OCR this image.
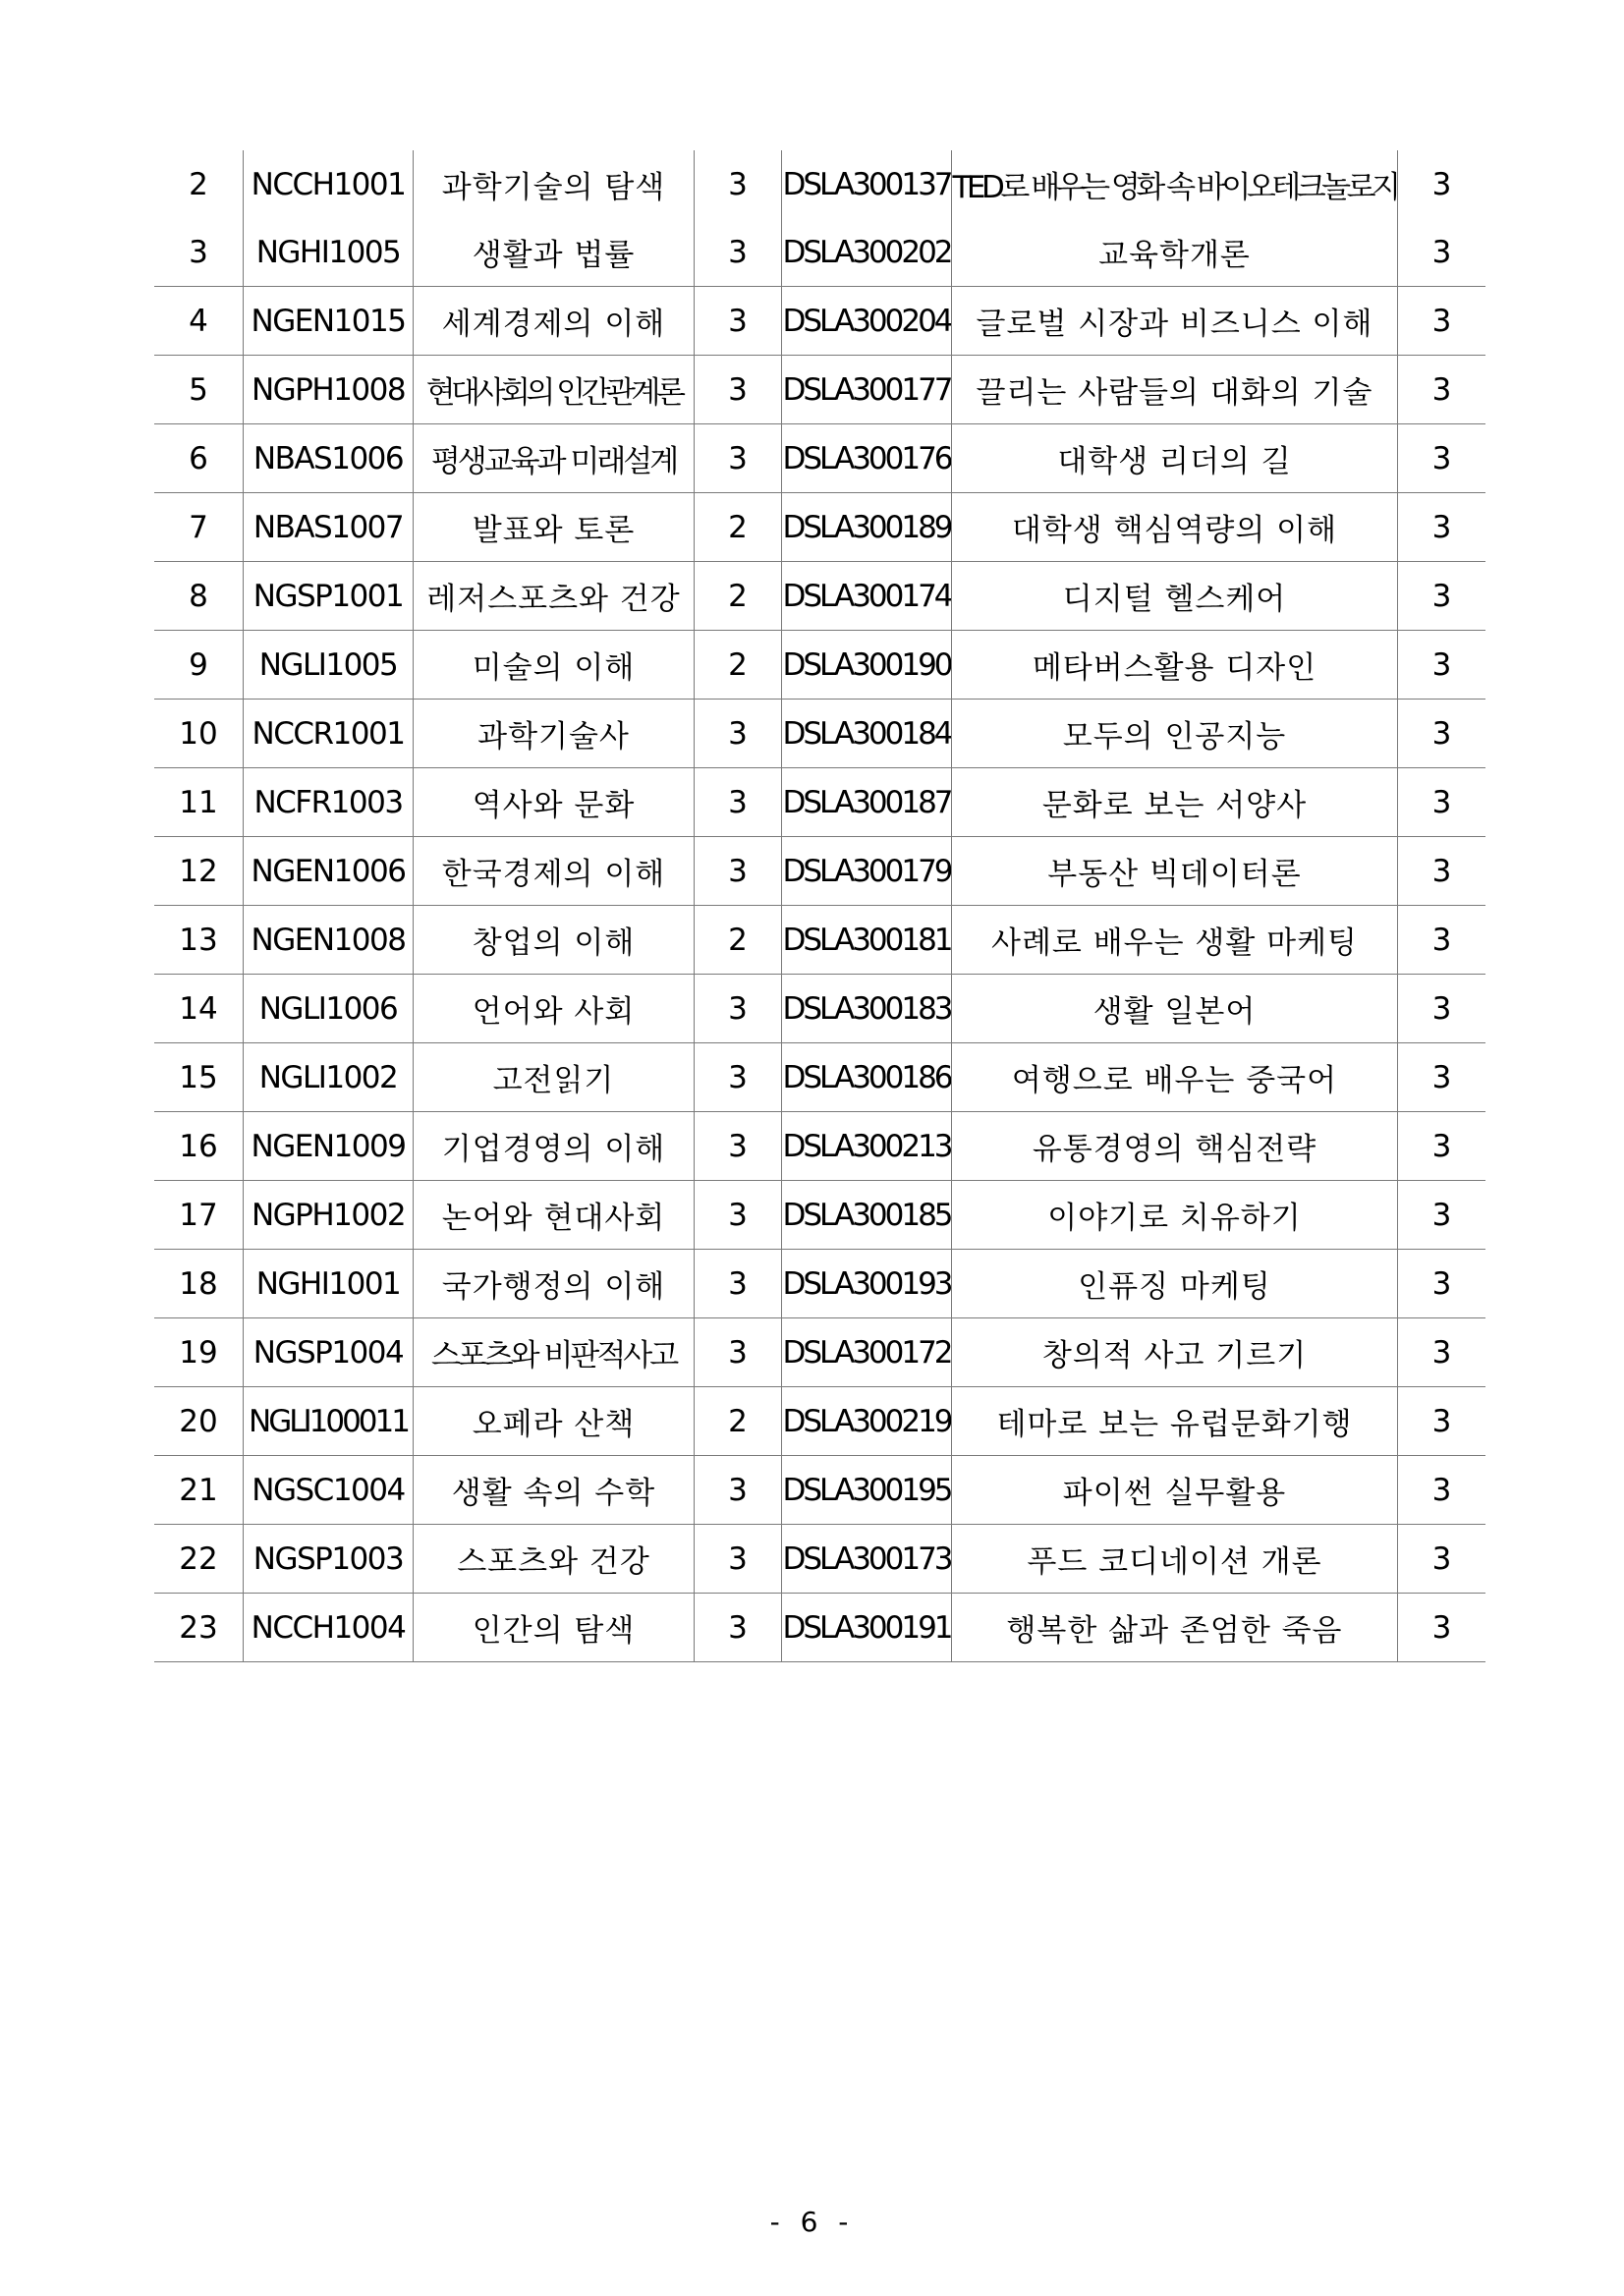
2	NCCH1001	과학기술의 탐색	3	DSLA300137	TED로 배우는 영화 속 바이오테크놀로지	3
3	NGHI1005	생활과 법률	3	DSLA300202	교육학개론	3
4	NGEN1015	세계경제의 이해	3	DSLA300204	글로벌 시장과 비즈니스 이해	3
5	NGPH1008	현대사회의 인간관계론	3	DSLA300177	끌리는 사람들의 대화의 기술	3
6	NBAS1006	평생교육과 미래설계	3	DSLA300176	대학생 리더의 길	3
7	NBAS1007	발표와 토론	2	DSLA300189	대학생 핵심역량의 이해	3
8	NGSP1001	레저스포츠와 건강	2	DSLA300174	디지털 헬스케어	3
9	NGLI1005	미술의 이해	2	DSLA300190	메타버스활용 디자인	3
10	NCCR1001	과학기술사	3	DSLA300184	모두의 인공지능	3
11	NCFR1003	역사와 문화	3	DSLA300187	문화로 보는 서양사	3
12	NGEN1006	한국경제의 이해	3	DSLA300179	부동산 빅데이터론	3
13	NGEN1008	창업의 이해	2	DSLA300181	사례로 배우는 생활 마케팅	3
14	NGLI1006	언어와 사회	3	DSLA300183	생활 일본어	3
15	NGLI1002	고전읽기	3	DSLA300186	여행으로 배우는 중국어	3
16	NGEN1009	기업경영의 이해	3	DSLA300213	유통경영의 핵심전략	3
17	NGPH1002	논어와 현대사회	3	DSLA300185	이야기로 치유하기	3
18	NGHI1001	국가행정의 이해	3	DSLA300193	인퓨징 마케팅	3
19	NGSP1004	스포츠와 비판적사고	3	DSLA300172	창의적 사고 기르기	3
20	NGLI100011	오페라 산책	2	DSLA300219	테마로 보는 유럽문화기행	3
21	NGSC1004	생활 속의 수학	3	DSLA300195	파이썬 실무활용	3
22	NGSP1003	스포츠와 건강	3	DSLA300173	푸드 코디네이션 개론	3
23	NCCH1004	인간의 탐색	3	DSLA300191	행복한 삶과 존엄한 죽음	3
- 6 -
